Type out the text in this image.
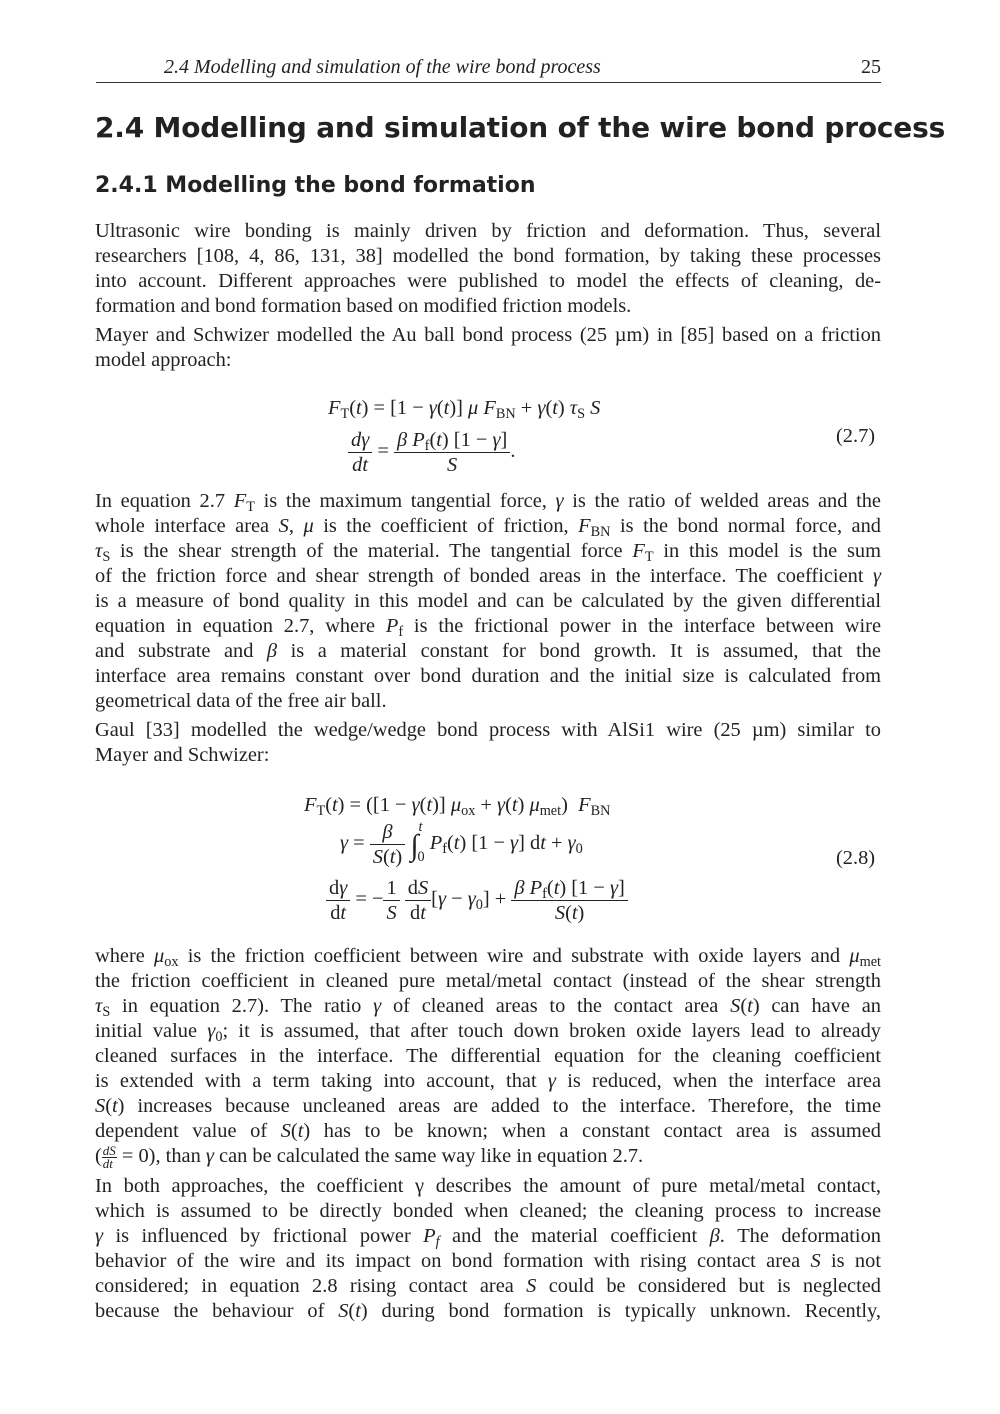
2.4 Modelling and simulation of the wire bond process	25
2.4 Modelling and simulation of the wire bond process
2.4.1 Modelling the bond formation
Ultrasonic wire bonding is mainly driven by friction and deformation. Thus, several
researchers [108, 4, 86, 131, 38] modelled the bond formation, by taking these processes
into account. Different approaches were published to model the effects of cleaning, de-
formation and bond formation based on modified friction models.
Mayer and Schwizer modelled the Au ball bond process (25 µm) in [85] based on a friction
model approach:
$F_T(t) = [1 - \gamma(t)]$ μ $F_{BN} + \gamma(t)$ $\tau_S$ S
$\frac{d\gamma}{dt} = \frac{\beta P_f(t) [1 - \gamma]}{S}$ .
(2.7)
In equation 2.7 $F_T$ is the maximum tangential force, γ is the ratio of welded areas and the
whole interface area S, μ is the coefficient of friction, $F_{BN}$ is the bond normal force, and
$\tau_S$ is the shear strength of the material. The tangential force $F_T$ in this model is the sum
of the friction force and shear strength of bonded areas in the interface. The coefficient γ
is a measure of bond quality in this model and can be calculated by the given differential
equation in equation 2.7, where $P_f$ is the frictional power in the interface between wire
and substrate and β is a material constant for bond growth. It is assumed, that the
interface area remains constant over bond duration and the initial size is calculated from
geometrical data of the free air ball.
Gaul [33] modelled the wedge/wedge bond process with AlSi1 wire (25 µm) similar to
Mayer and Schwizer:
$F_T(t) = ([1 - \gamma(t)] \mu_{ox} + \gamma(t)$ $\mu_{met}$)  $F_{BN}$
$\gamma = \frac{\beta}{S(t)} \int^t_0$ $P_f(t) [1 - \gamma]$ dt + $\gamma_0$
$\frac{d\gamma}{dt}$ = − $\frac{1}{S}$
$\frac{dS}{dt} [\gamma - \gamma_0] + \frac{\beta P_f(t) [1 - \gamma]}{S(t)}$
(2.8)
where $\mu_{ox}$ is the friction coefficient between wire and substrate with oxide layers and $\mu_{met}$
the friction coefficient in cleaned pure metal/metal contact (instead of the shear strength
$\tau_S$ in equation 2.7). The ratio γ of cleaned areas to the contact area S(t) can have an
initial value $\gamma_0$; it is assumed, that after touch down broken oxide layers lead to already
cleaned surfaces in the interface. The differential equation for the cleaning coefficient
is extended with a term taking into account, that γ is reduced, when the interface area
S(t) increases because uncleaned areas are added to the interface. Therefore, the time
dependent value of S(t) has to be known; when a constant contact area is assumed
( $\frac{dS}{dt} = 0$), than γ can be calculated the same way like in equation 2.7.
In both approaches, the coefficient γ describes the amount of pure metal/metal contact,
which is assumed to be directly bonded when cleaned; the cleaning process to increase
γ is influenced by frictional power $P_f$ and the material coefficient β. The deformation
behavior of the wire and its impact on bond formation with rising contact area S is not
considered; in equation 2.8 rising contact area S could be considered but is neglected
because the behaviour of S(t) during bond formation is typically unknown. Recently,
